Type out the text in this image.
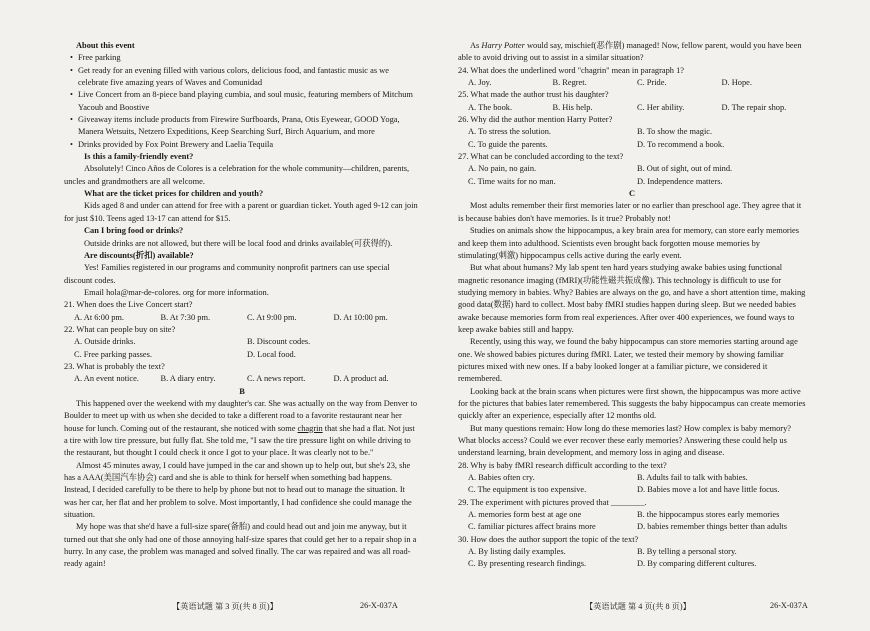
About this event

• Free parking

• Get ready for an evening filled with various colors, delicious food, and fantastic music as we celebrate five amazing years of Waves and Comunidad

• Live Concert from an 8-piece band playing cumbia, and soul music, featuring members of Mitchum Yacoub and Boostive

• Giveaway items include products from Firewire Surfboards, Prana, Otis Eyewear, GOOD Yoga, Manera Wetsuits, Netzero Expeditions, Keep Searching Surf, Birch Aquarium, and more

• Drinks provided by Fox Point Brewery and Laelia Tequila

Is this a family-friendly event?

Absolutely! Cinco Años de Colores is a celebration for the whole community—children, parents, uncles and grandmothers are all welcome.

What are the ticket prices for children and youth?

Kids aged 8 and under can attend for free with a parent or guardian ticket. Youth aged 9-12 can join for just $10. Teens aged 13-17 can attend for $15.

Can I bring food or drinks?

Outside drinks are not allowed, but there will be local food and drinks available(可获得的).

Are discounts(折扣) available?

Yes! Families registered in our programs and community nonprofit partners can use special discount codes.

Email hola@mar-de-colores. org for more information.

21. When does the Live Concert start?

A. At 6:00 pm.	B. At 7:30 pm.	C. At 9:00 pm.	D. At 10:00 pm.

22. What can people buy on site?

A. Outside drinks.	B. Discount codes.
C. Free parking passes.	D. Local food.

23. What is probably the text?

A. An event notice.	B. A diary entry.	C. A news report.	D. A product ad.

B

This happened over the weekend with my daughter's car. She was actually on the way from Denver to Boulder to meet up with us when she decided to take a different road to a favorite restaurant near her house for lunch. Coming out of the restaurant, she noticed with some chagrin that she had a flat. Not just a tire with low tire pressure, but fully flat. She told me, "I saw the tire pressure light on while driving to the restaurant, but thought I could check it once I got to your place. It was clearly not to be."

Almost 45 minutes away, I could have jumped in the car and shown up to help out, but she's 23, she has a AAA(美国汽车协会) card and she is able to think for herself when something bad happens. Instead, I decided carefully to be there to help by phone but not to head out to manage the situation. It was her car, her flat and her problem to solve. Most importantly, I had confidence she could manage the situation.

My hope was that she'd have a full-size spare(备胎) and could head out and join me anyway, but it turned out that she only had one of those annoying half-size spares that could get her to a repair shop in a hurry. In any case, the problem was managed and solved finally. The car was repaired and was all road-ready again!

As Harry Potter would say, mischief(恶作剧) managed! Now, fellow parent, would you have been able to avoid driving out to assist in a similar situation?

24. What does the underlined word "chagrin" mean in paragraph 1?

A. Joy.	B. Regret.	C. Pride.	D. Hope.

25. What made the author trust his daughter?

A. The book.	B. His help.	C. Her ability.	D. The repair shop.

26. Why did the author mention Harry Potter?

A. To stress the solution.	B. To show the magic.
C. To guide the parents.	D. To recommend a book.

27. What can be concluded according to the text?

A. No pain, no gain.	B. Out of sight, out of mind.
C. Time waits for no man.	D. Independence matters.

C

Most adults remember their first memories later or no earlier than preschool age. They agree that it is because babies don't have memories. Is it true? Probably not!

Studies on animals show the hippocampus, a key brain area for memory, can store early memories and keep them into adulthood. Scientists even brought back forgotten mouse memories by stimulating(刺激) hippocampus cells active during the early event.

But what about humans? My lab spent ten hard years studying awake babies using functional magnetic resonance imaging (fMRI)(功能性磁共振成像). This technology is difficult to use for studying memory in babies. Why? Babies are always on the go, and have a short attention time, making good data(数据) hard to collect. Most baby fMRI studies happen during sleep. But we needed babies awake because memories form from real experiences. After over 400 experiences, we found ways to keep awake babies still and happy.

Recently, using this way, we found the baby hippocampus can store memories starting around age one. We showed babies pictures during fMRI. Later, we tested their memory by showing familiar pictures mixed with new ones. If a baby looked longer at a familiar picture, we considered it remembered.

Looking back at the brain scans when pictures were first shown, the hippocampus was more active for the pictures that babies later remembered. This suggests the baby hippocampus can create memories quickly after an experience, especially after 12 months old.

But many questions remain: How long do these memories last? How complex is baby memory? What blocks access? Could we ever recover these early memories? Answering these could help us understand learning, brain development, and memory loss in aging and disease.

28. Why is baby fMRI research difficult according to the text?

A. Babies often cry.	B. Adults fail to talk with babies.
C. The equipment is too expensive.	D. Babies move a lot and have little focus.

29. The experiment with pictures proved that ________.

A. memories form best at age one	B. the hippocampus stores early memories
C. familiar pictures affect brains more	D. babies remember things better than adults

30. How does the author support the topic of the text?

A. By listing daily examples.	B. By telling a personal story.
C. By presenting research findings.	D. By comparing different cultures.
【英语试题 第 3 页(共 8 页)】	26-X-037A	【英语试题 第 4 页(共 8 页)】	26-X-037A
